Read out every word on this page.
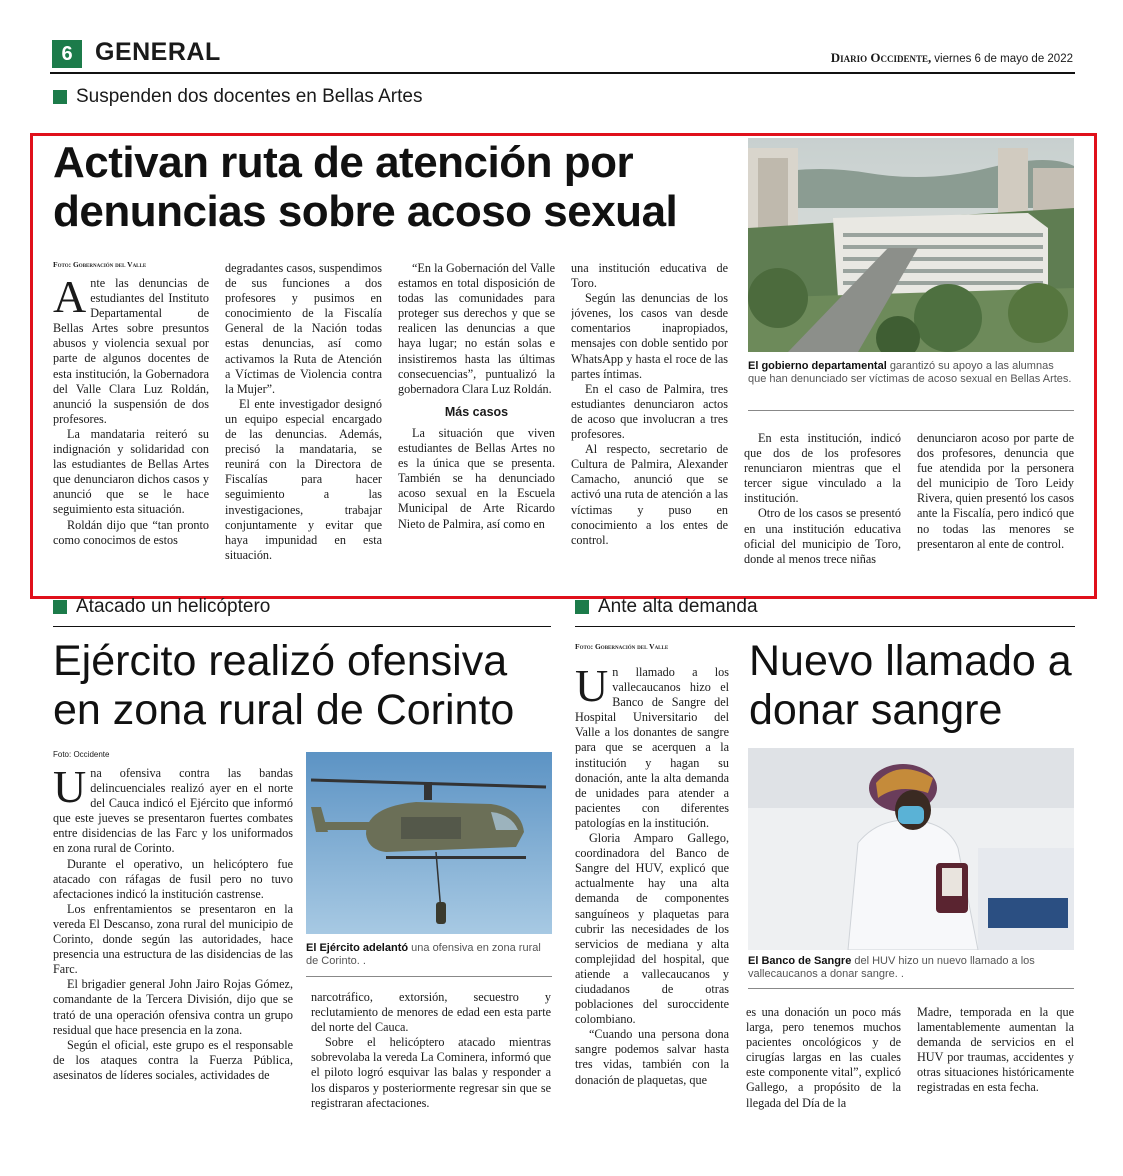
6 GENERAL	Diario Occidente, viernes 6 de mayo de 2022
Suspenden dos docentes en Bellas Artes
Activan ruta de atención por denuncias sobre acoso sexual
Foto: Gobernación del Valle
El gobierno departamental garantizó su apoyo a las alumnas que han denunciado ser víctimas de acoso sexual en Bellas Artes.

Ante las denuncias de estudiantes del Instituto Departamental de Bellas Artes sobre presuntos abusos y violencia sexual por parte de algunos docentes de esta institución, la Gobernadora del Valle Clara Luz Roldán, anunció la suspensión de dos profesores.

La mandataria reiteró su indignación y solidaridad con las estudiantes de Bellas Artes que denunciaron dichos casos y anunció que se le hace seguimiento esta situación.

Roldán dijo que “tan pronto como conocimos de estos

degradantes casos, suspendimos de sus funciones a dos profesores y pusimos en conocimiento de la Fiscalía General de la Nación todas estas denuncias, así como activamos la Ruta de Atención a Víctimas de Violencia contra la Mujer”.

El ente investigador designó un equipo especial encargado de las denuncias. Además, precisó la mandataria, se reunirá con la Directora de Fiscalías para hacer seguimiento a las investigaciones, trabajar conjuntamente y evitar que haya impunidad en esta situación.

“En la Gobernación del Valle estamos en total disposición de todas las comunidades para proteger sus derechos y que se realicen las denuncias a que haya lugar; no están solas e insistiremos hasta las últimas consecuencias”, puntualizó la gobernadora Clara Luz Roldán.

Más casos

La situación que viven estudiantes de Bellas Artes no es la única que se presenta. También se ha denunciado acoso sexual en la Escuela Municipal de Arte Ricardo Nieto de Palmira, así como en

una institución educativa de Toro.

Según las denuncias de los jóvenes, los casos van desde comentarios inapropiados, mensajes con doble sentido por WhatsApp y hasta el roce de las partes íntimas.

En el caso de Palmira, tres estudiantes denunciaron actos de acoso que involucran a tres profesores.

Al respecto, secretario de Cultura de Palmira, Alexander Camacho, anunció que se activó una ruta de atención a las víctimas y puso en conocimiento a los entes de control.

En esta institución, indicó que dos de los profesores renunciaron mientras que el tercer sigue vinculado a la institución.

Otro de los casos se presentó en una institución educativa oficial del municipio de Toro, donde al menos trece niñas

denunciaron acoso por parte de dos profesores, denuncia que fue atendida por la personera del municipio de Toro Leidy Rivera, quien presentó los casos ante la Fiscalía, pero indicó que no todas las menores se presentaron al ente de control.

Atacado un helicóptero
Ejército realizó ofensiva en zona rural de Corinto
Foto: Occidente
El Ejército adelantó una ofensiva en zona rural de Corinto. .

Una ofensiva contra las bandas delincuenciales realizó ayer en el norte del Cauca indicó el Ejército que informó que este jueves se presentaron fuertes combates entre disidencias de las Farc y los uniformados en zona rural de Corinto.

Durante el operativo, un helicóptero fue atacado con ráfagas de fusil pero no tuvo afectaciones indicó la institución castrense.

Los enfrentamientos se presentaron en la vereda El Descanso, zona rural del municipio de Corinto, donde según las autoridades, hace presencia una estructura de las disidencias de las Farc.

El brigadier general John Jairo Rojas Gómez, comandante de la Tercera División, dijo que se trató de una operación ofensiva contra un grupo residual que hace presencia en la zona.

Según el oficial, este grupo es el responsable de los ataques contra la Fuerza Pública, asesinatos de líderes sociales, actividades de

narcotráfico, extorsión, secuestro y reclutamiento de menores de edad een esta parte del norte del Cauca.

Sobre el helicóptero atacado mientras sobrevolaba la vereda La Cominera, informó que el piloto logró esquivar las balas y responder a los disparos y posteriormente regresar sin que se registraran afectaciones.

Ante alta demanda
Foto: Gobernación del Valle Nuevo llamado a donar sangre
El Banco de Sangre del HUV hizo un nuevo llamado a los vallecaucanos a donar sangre. .

Un llamado a los vallecaucanos hizo el Banco de Sangre del Hospital Universitario del Valle a los donantes de sangre para que se acerquen a la institución y hagan su donación, ante la alta demanda de unidades para atender a pacientes con diferentes patologías en la institución.

Gloria Amparo Gallego, coordinadora del Banco de Sangre del HUV, explicó que actualmente hay una alta demanda de componentes sanguíneos y plaquetas para cubrir las necesidades de los servicios de mediana y alta complejidad del hospital, que atiende a vallecaucanos y ciudadanos de otras poblaciones del suroccidente colombiano.

“Cuando una persona dona sangre podemos salvar hasta tres vidas, también con la donación de plaquetas, que

es una donación un poco más larga, pero tenemos muchos pacientes oncológicos y de cirugías largas en las cuales este componente vital”, explicó Gallego, a propósito de la llegada del Día de la

Madre, temporada en la que lamentablemente aumentan la demanda de servicios en el HUV por traumas, accidentes y otras situaciones históricamente registradas en esta fecha.
